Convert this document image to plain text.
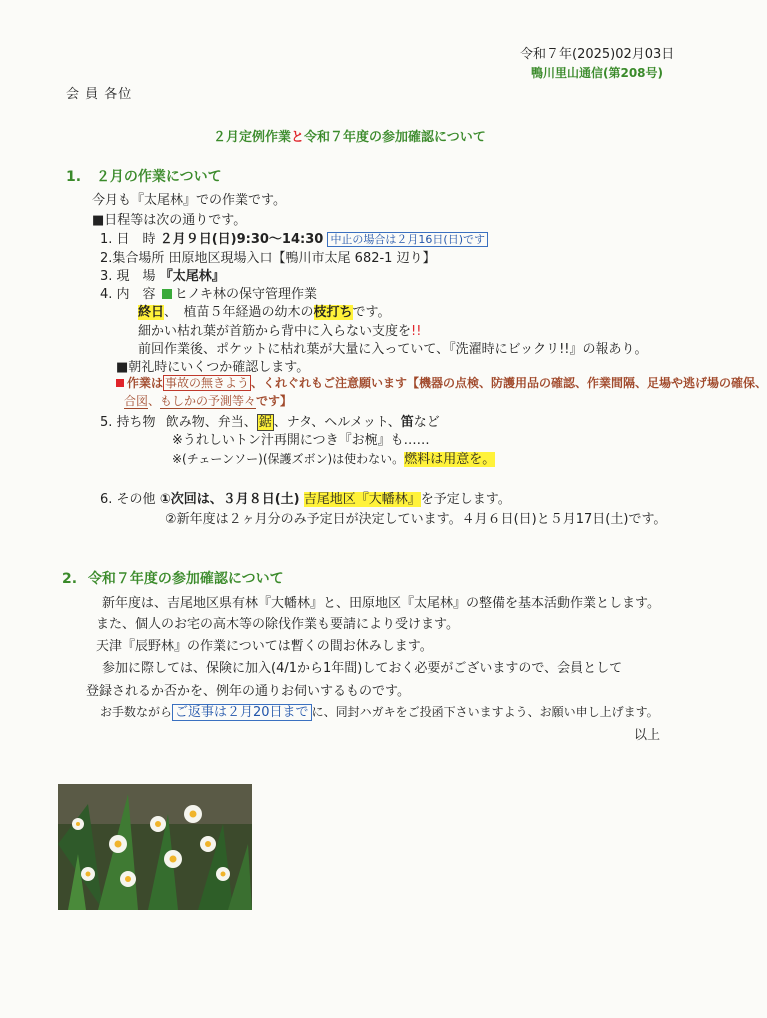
令和７年(2025)02月03日
鴨川里山通信(第208号)
会 員 各位
２月定例作業と令和７年度の参加確認について
1. ２月の作業について
今月も『太尾林』での作業です。
■日程等は次の通りです。
1. 日　時 ２月９日(日)9:30～14:30 中止の場合は２月16日(日)です
2.集合場所 田原地区現場入口【鴨川市太尾 682-1 辺り】
3. 現　場 『太尾林』
4. 内　容 ヒノキ林の保守管理作業
終日、　植苗５年経過の幼木の枝打ちです。
細かい枯れ葉が首筋から背中に入らない支度を!!
前回作業後、ポケットに枯れ葉が大量に入っていて、『洗濯時にビックリ!!』の報あり。
■朝礼時にいくつか確認します。
作業は 事故の無きよう 、くれぐれもご注意願います【機器の点検、防護用品の確認、作業間隔、足場や逃げ場の確保、
合図、もしかの予測等々です】
5. 持ち物 飲み物、弁当、 鋸 、ナタ、ヘルメット、笛など
※うれしいトン汁再開につき『お椀』も……
※(チェーンソー)(保護ズボン)は使わない。燃料は用意を。
6. その他 ①次回は、３月８日(土) 吉尾地区『大幡林』を予定します。
②新年度は２ヶ月分のみ予定日が決定しています。４月６日(日)と５月17日(土)です。
2. 令和７年度の参加確認について
新年度は、吉尾地区県有林『大幡林』と、田原地区『太尾林』の整備を基本活動作業とします。
また、個人のお宅の高木等の除伐作業も要請により受けます。
天津『辰野林』の作業については暫くの間お休みします。
参加に際しては、保険に加入(4/1から1年間)しておく必要がございますので、会員として
登録されるか否かを、例年の通りお伺いするものです。
お手数ながら ご返事は２月20日まで に、同封ハガキをご投函下さいますよう、お願い申し上げます。
以上
